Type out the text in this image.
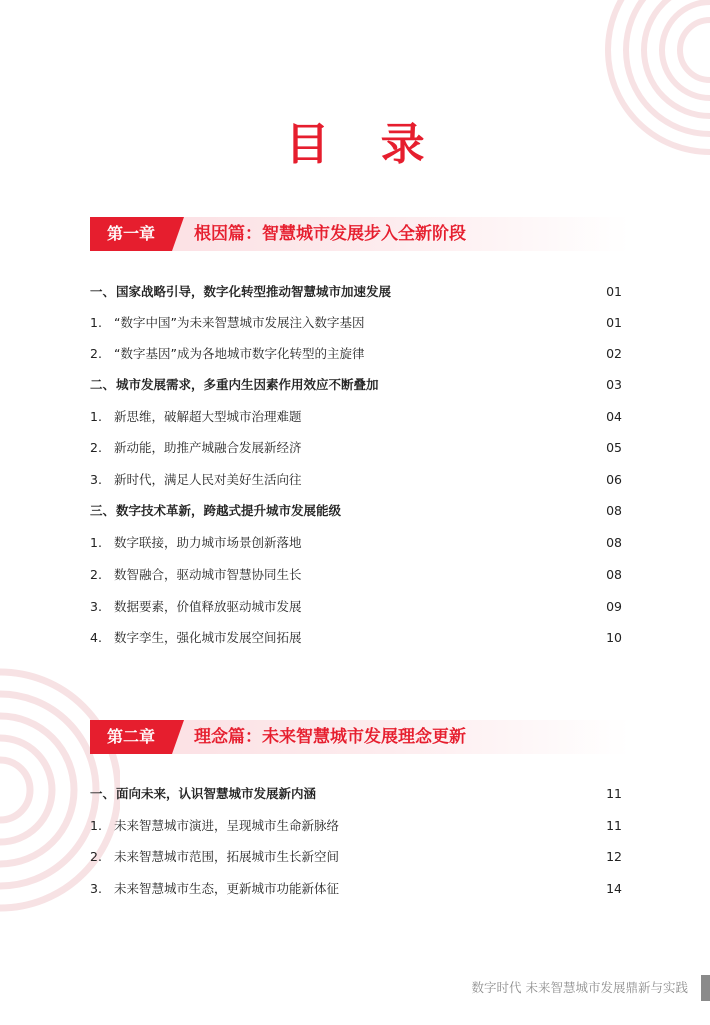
目 录
第一章	根因篇：智慧城市发展步入全新阶段
一、 国家战略引导，数字化转型推动智慧城市加速发展	01
1. “数字中国”为未来智慧城市发展注入数字基因	01
2. “数字基因”成为各地城市数字化转型的主旋律	02
二、 城市发展需求，多重内生因素作用效应不断叠加	03
1. 新思维，破解超大型城市治理难题	04
2. 新动能，助推产城融合发展新经济	05
3. 新时代，满足人民对美好生活向往	06
三、 数字技术革新，跨越式提升城市发展能级	08
1. 数字联接，助力城市场景创新落地	08
2. 数智融合，驱动城市智慧协同生长	08
3. 数据要素，价值释放驱动城市发展	09
4. 数字孪生，强化城市发展空间拓展	10
第二章	理念篇：未来智慧城市发展理念更新
一、 面向未来，认识智慧城市发展新内涵	11
1. 未来智慧城市演进，呈现城市生命新脉络	11
2. 未来智慧城市范围，拓展城市生长新空间	12
3. 未来智慧城市生态，更新城市功能新体征	14
数字时代 未来智慧城市发展鼎新与实践
